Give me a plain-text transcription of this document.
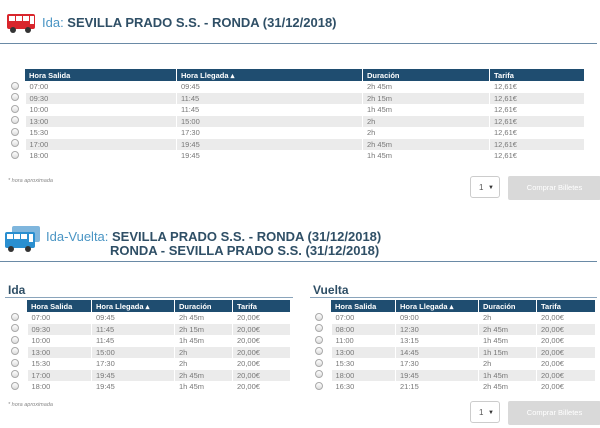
Ida: SEVILLA PRADO S.S. - RONDA (31/12/2018)
	Hora Salida	Hora Llegada ▴	Duración	Tarifa
	07:00	09:45	2h 45m	12,61€
	09:30	11:45	2h 15m	12,61€
	10:00	11:45	1h 45m	12,61€
	13:00	15:00	2h	12,61€
	15:30	17:30	2h	12,61€
	17:00	19:45	2h 45m	12,61€
	18:00	19:45	1h 45m	12,61€
* hora aproximada
1 ▼	Comprar Billetes
Ida-Vuelta: SEVILLA PRADO S.S. - RONDA (31/12/2018)
RONDA - SEVILLA PRADO S.S. (31/12/2018)
Ida	Vuelta
	Hora Salida	Hora Llegada ▴	Duración	Tarifa
	07:00	09:45	2h 45m	20,00€
	09:30	11:45	2h 15m	20,00€
	10:00	11:45	1h 45m	20,00€
	13:00	15:00	2h	20,00€
	15:30	17:30	2h	20,00€
	17:00	19:45	2h 45m	20,00€
	18:00	19:45	1h 45m	20,00€
	Hora Salida	Hora Llegada ▴	Duración	Tarifa
	07:00	09:00	2h	20,00€
	08:00	12:30	2h 45m	20,00€
	11:00	13:15	1h 45m	20,00€
	13:00	14:45	1h 15m	20,00€
	15:30	17:30	2h	20,00€
	18:00	19:45	1h 45m	20,00€
	16:30	21:15	2h 45m	20,00€
* hora aproximada
1 ▼	Comprar Billetes
